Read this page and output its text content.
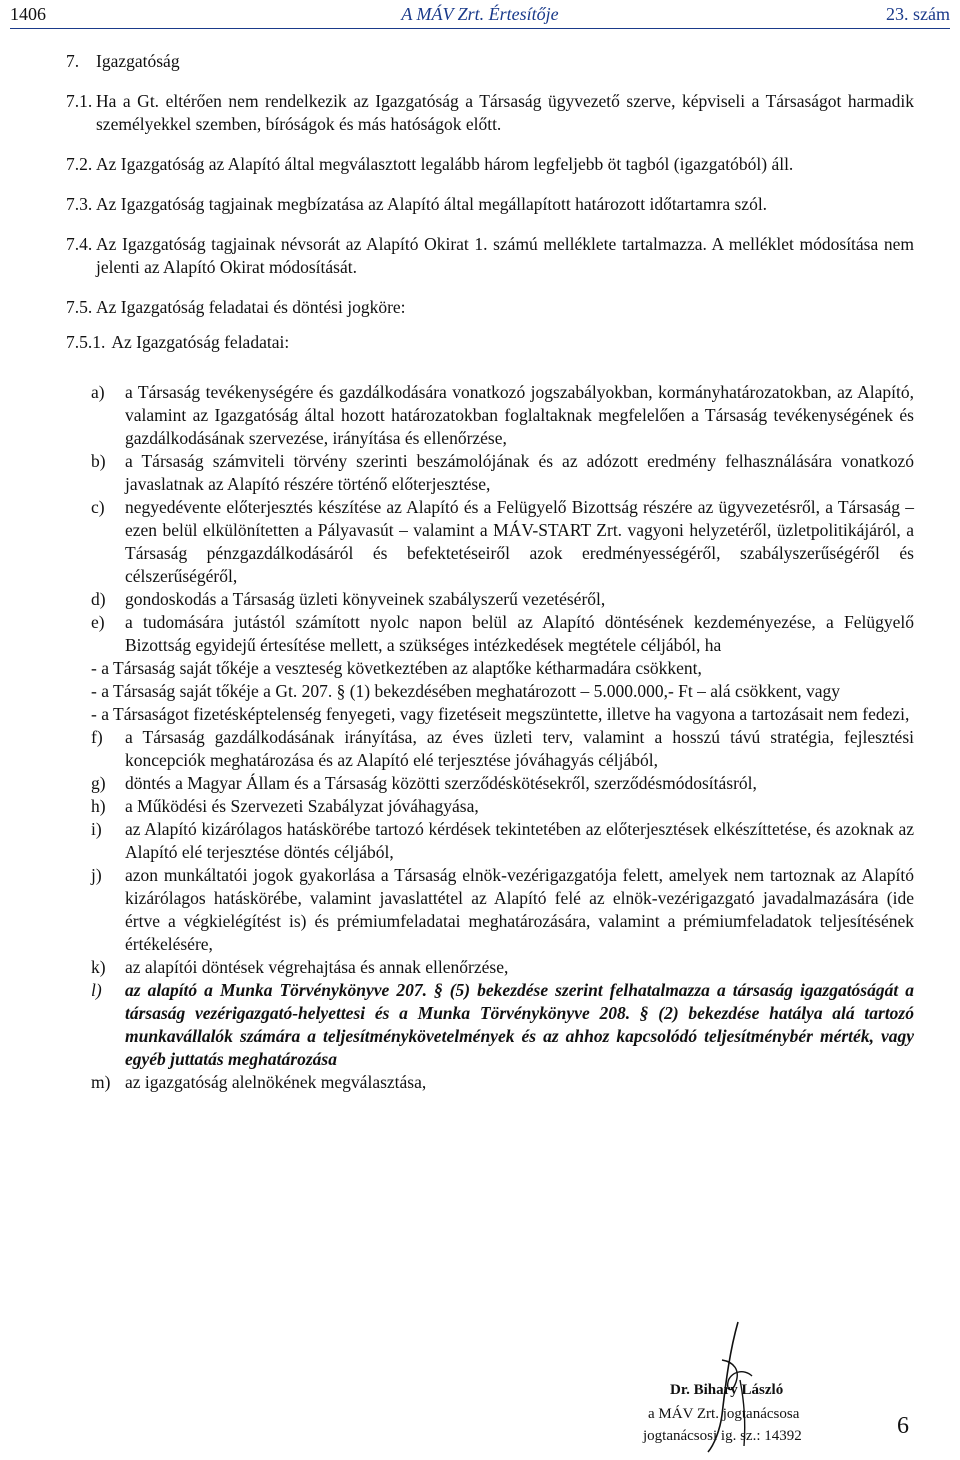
1406	A MÁV Zrt. Értesítője	23. szám
7. Igazgatóság
7.1. Ha a Gt. eltérően nem rendelkezik az Igazgatóság a Társaság ügyvezető szerve, képviseli a Társaságot harmadik személyekkel szemben, bíróságok és más hatóságok előtt.
7.2. Az Igazgatóság az Alapító által megválasztott legalább három legfeljebb öt tagból (igazgatóból) áll.
7.3. Az Igazgatóság tagjainak megbízatása az Alapító által megállapított határozott időtartamra szól.
7.4. Az Igazgatóság tagjainak névsorát az Alapító Okirat 1. számú melléklete tartalmazza. A melléklet módosítása nem jelenti az Alapító Okirat módosítását.
7.5. Az Igazgatóság feladatai és döntési jogköre:
7.5.1. Az Igazgatóság feladatai:
a)	a Társaság tevékenységére és gazdálkodására vonatkozó jogszabályokban, kormányhatározatokban, az Alapító, valamint az Igazgatóság által hozott határozatokban foglaltaknak megfelelően a Társaság tevékenységének és gazdálkodásának szervezése, irányítása és ellenőrzése,
b)	a Társaság számviteli törvény szerinti beszámolójának és az adózott eredmény felhasználására vonatkozó javaslatnak az Alapító részére történő előterjesztése,
c)	negyedévente előterjesztés készítése az Alapító és a Felügyelő Bizottság részére az ügyvezetésről, a Társaság – ezen belül elkülönítetten a Pályavasút – valamint a MÁV-START Zrt. vagyoni helyzetéről, üzletpolitikájáról, a Társaság pénzgazdálkodásáról és befektetéseiről azok eredményességéről, szabályszerűségéről és célszerűségéről,
d)	gondoskodás a Társaság üzleti könyveinek szabályszerű vezetéséről,
e)	a tudomására jutástól számított nyolc napon belül az Alapító döntésének kezdeményezése, a Felügyelő Bizottság egyidejű értesítése mellett, a szükséges intézkedések megtétele céljából, ha
- a Társaság saját tőkéje a veszteség következtében az alaptőke kétharmadára csökkent,
- a Társaság saját tőkéje a Gt. 207. § (1) bekezdésében meghatározott – 5.000.000,- Ft – alá csökkent, vagy
- a Társaságot fizetésképtelenség fenyegeti, vagy fizetéseit megszüntette, illetve ha vagyona a tartozásait nem fedezi,
f)	a Társaság gazdálkodásának irányítása, az éves üzleti terv, valamint a hosszú távú stratégia, fejlesztési koncepciók meghatározása és az Alapító elé terjesztése jóváhagyás céljából,
g)	döntés a Magyar Állam és a Társaság közötti szerződéskötésekről, szerződésmódosításról,
h)	a Működési és Szervezeti Szabályzat jóváhagyása,
i)	az Alapító kizárólagos hatáskörébe tartozó kérdések tekintetében az előterjesztések elkészíttetése, és azoknak az Alapító elé terjesztése döntés céljából,
j)	azon munkáltatói jogok gyakorlása a Társaság elnök-vezérigazgatója felett, amelyek nem tartoznak az Alapító kizárólagos hatáskörébe, valamint javaslattétel az Alapító felé az elnök-vezérigazgató javadalmazására (ide értve a végkielégítést is) és prémiumfeladatai meghatározására, valamint a prémiumfeladatok teljesítésének értékelésére,
k)	az alapítói döntések végrehajtása és annak ellenőrzése,
l)	az alapító a Munka Törvénykönyve 207. § (5) bekezdése szerint felhatalmazza a társaság igazgatóságát a társaság vezérigazgató-helyettesi és a Munka Törvénykönyve 208. § (2) bekezdése hatálya alá tartozó munkavállalók számára a teljesítménykövetelmények és az ahhoz kapcsolódó teljesítménybér mérték, vagy egyéb juttatás meghatározása
m) az igazgatóság alelnökének megválasztása,
Dr. Bihary László
a MÁV Zrt. jogtanácsosa
jogtanácsosi ig. sz.: 14392	6
